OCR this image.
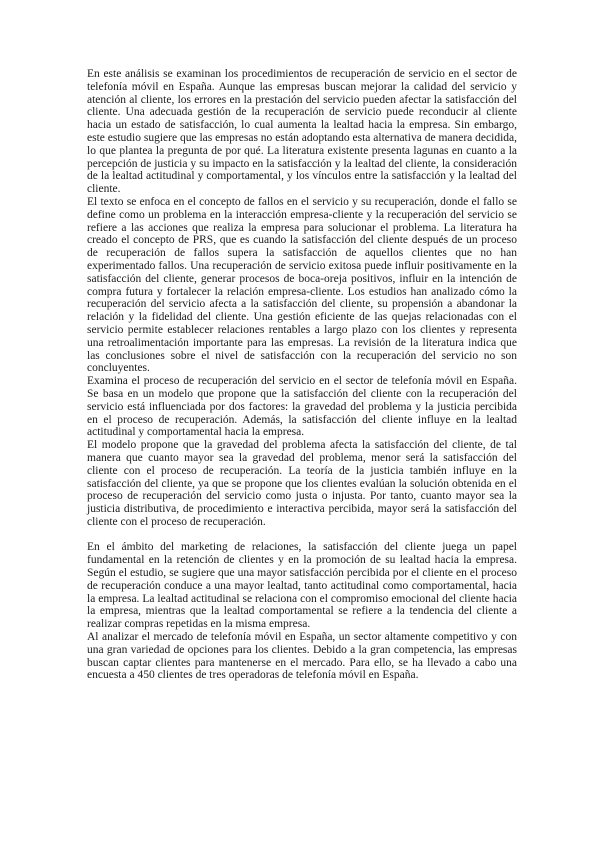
En este análisis se examinan los procedimientos de recuperación de servicio en el sector de telefonía móvil en España. Aunque las empresas buscan mejorar la calidad del servicio y atención al cliente, los errores en la prestación del servicio pueden afectar la satisfacción del cliente. Una adecuada gestión de la recuperación de servicio puede reconducir al cliente hacia un estado de satisfacción, lo cual aumenta la lealtad hacia la empresa. Sin embargo, este estudio sugiere que las empresas no están adoptando esta alternativa de manera decidida, lo que plantea la pregunta de por qué. La literatura existente presenta lagunas en cuanto a la percepción de justicia y su impacto en la satisfacción y la lealtad del cliente, la consideración de la lealtad actitudinal y comportamental, y los vínculos entre la satisfacción y la lealtad del cliente.

El texto se enfoca en el concepto de fallos en el servicio y su recuperación, donde el fallo se define como un problema en la interacción empresa-cliente y la recuperación del servicio se refiere a las acciones que realiza la empresa para solucionar el problema. La literatura ha creado el concepto de PRS, que es cuando la satisfacción del cliente después de un proceso de recuperación de fallos supera la satisfacción de aquellos clientes que no han experimentado fallos. Una recuperación de servicio exitosa puede influir positivamente en la satisfacción del cliente, generar procesos de boca-oreja positivos, influir en la intención de compra futura y fortalecer la relación empresa-cliente. Los estudios han analizado cómo la recuperación del servicio afecta a la satisfacción del cliente, su propensión a abandonar la relación y la fidelidad del cliente. Una gestión eficiente de las quejas relacionadas con el servicio permite establecer relaciones rentables a largo plazo con los clientes y representa una retroalimentación importante para las empresas. La revisión de la literatura indica que las conclusiones sobre el nivel de satisfacción con la recuperación del servicio no son concluyentes.

Examina el proceso de recuperación del servicio en el sector de telefonía móvil en España. Se basa en un modelo que propone que la satisfacción del cliente con la recuperación del servicio está influenciada por dos factores: la gravedad del problema y la justicia percibida en el proceso de recuperación. Además, la satisfacción del cliente influye en la lealtad actitudinal y comportamental hacia la empresa.

El modelo propone que la gravedad del problema afecta la satisfacción del cliente, de tal manera que cuanto mayor sea la gravedad del problema, menor será la satisfacción del cliente con el proceso de recuperación. La teoría de la justicia también influye en la satisfacción del cliente, ya que se propone que los clientes evalúan la solución obtenida en el proceso de recuperación del servicio como justa o injusta. Por tanto, cuanto mayor sea la justicia distributiva, de procedimiento e interactiva percibida, mayor será la satisfacción del cliente con el proceso de recuperación.

En el ámbito del marketing de relaciones, la satisfacción del cliente juega un papel fundamental en la retención de clientes y en la promoción de su lealtad hacia la empresa. Según el estudio, se sugiere que una mayor satisfacción percibida por el cliente en el proceso de recuperación conduce a una mayor lealtad, tanto actitudinal como comportamental, hacia la empresa. La lealtad actitudinal se relaciona con el compromiso emocional del cliente hacia la empresa, mientras que la lealtad comportamental se refiere a la tendencia del cliente a realizar compras repetidas en la misma empresa.

Al analizar el mercado de telefonía móvil en España, un sector altamente competitivo y con una gran variedad de opciones para los clientes. Debido a la gran competencia, las empresas buscan captar clientes para mantenerse en el mercado. Para ello, se ha llevado a cabo una encuesta a 450 clientes de tres operadoras de telefonía móvil en España.
